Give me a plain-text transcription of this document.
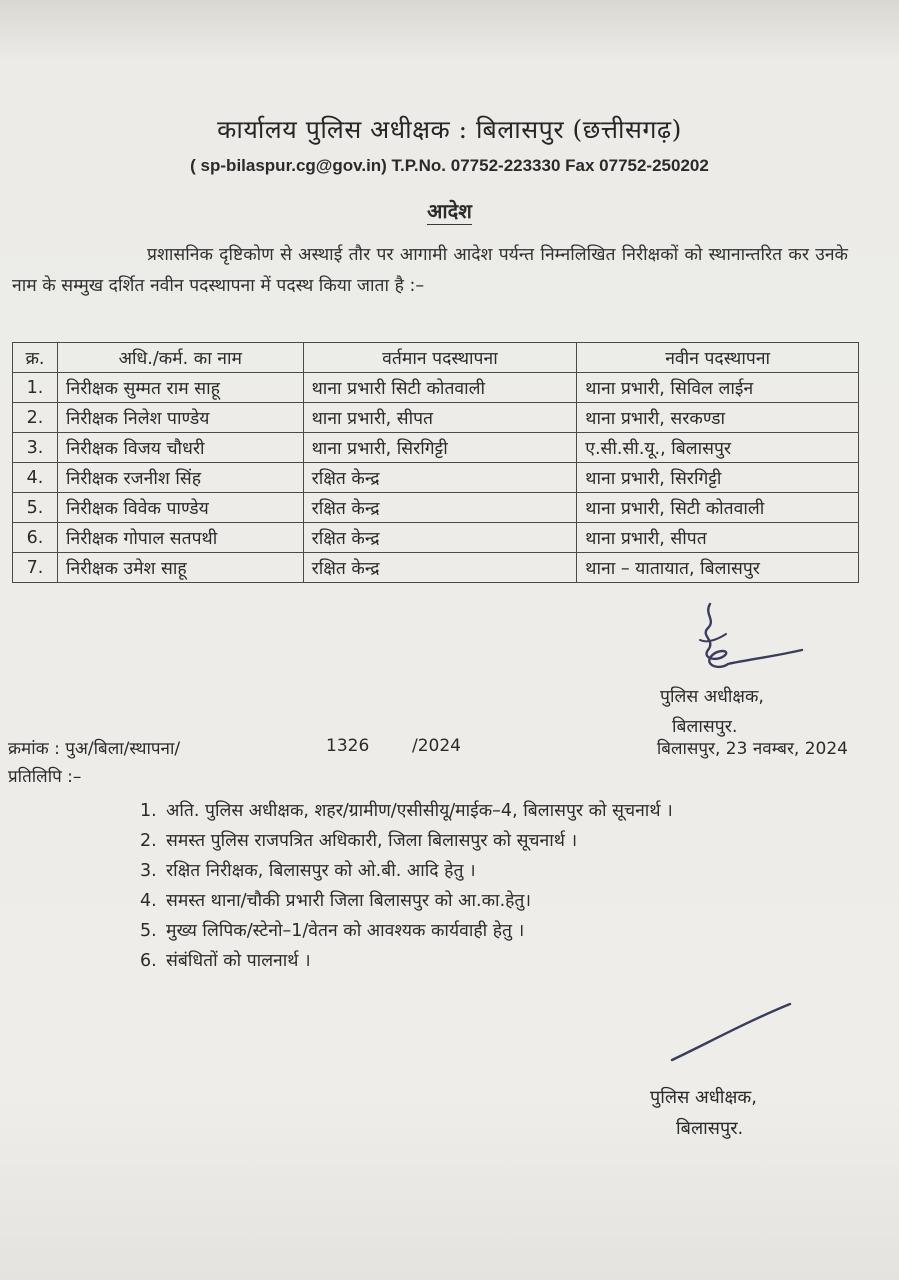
कार्यालय पुलिस अधीक्षक : बिलासपुर (छत्तीसगढ़)
( sp-bilaspur.cg@gov.in) T.P.No. 07752-223330 Fax 07752-250202
आदेश
प्रशासनिक दृष्टिकोण से अस्थाई तौर पर आगामी आदेश पर्यन्त निम्नलिखित निरीक्षकों को स्थानान्तरित कर उनके नाम के सम्मुख दर्शित नवीन पदस्थापना में पदस्थ किया जाता है :–
क्र.	अधि./कर्म. का नाम	वर्तमान पदस्थापना	नवीन पदस्थापना
1.	निरीक्षक सुम्मत राम साहू	थाना प्रभारी सिटी कोतवाली	थाना प्रभारी, सिविल लाईन
2.	निरीक्षक निलेश पाण्डेय	थाना प्रभारी, सीपत	थाना प्रभारी, सरकण्डा
3.	निरीक्षक विजय चौधरी	थाना प्रभारी, सिरगिट्टी	ए.सी.सी.यू., बिलासपुर
4.	निरीक्षक रजनीश सिंह	रक्षित केन्द्र	थाना प्रभारी, सिरगिट्टी
5.	निरीक्षक विवेक पाण्डेय	रक्षित केन्द्र	थाना प्रभारी, सिटी कोतवाली
6.	निरीक्षक गोपाल सतपथी	रक्षित केन्द्र	थाना प्रभारी, सीपत
7.	निरीक्षक उमेश साहू	रक्षित केन्द्र	थाना – यातायात, बिलासपुर
पुलिस अधीक्षक,
बिलासपुर.
क्रमांक : पुअ/बिला/स्थापना/	1326	/2024	बिलासपुर, 23 नवम्बर, 2024
प्रतिलिपि :–
1. अति. पुलिस अधीक्षक, शहर/ग्रामीण/एसीसीयू/माईक–4, बिलासपुर को सूचनार्थ ।
2. समस्त पुलिस राजपत्रित अधिकारी, जिला बिलासपुर को सूचनार्थ ।
3. रक्षित निरीक्षक, बिलासपुर को ओ.बी. आदि हेतु ।
4. समस्त थाना/चौकी प्रभारी जिला बिलासपुर को आ.का.हेतु।
5. मुख्य लिपिक/स्टेनो–1/वेतन को आवश्यक कार्यवाही हेतु ।
6. संबंधितों को पालनार्थ ।
पुलिस अधीक्षक,
बिलासपुर.
